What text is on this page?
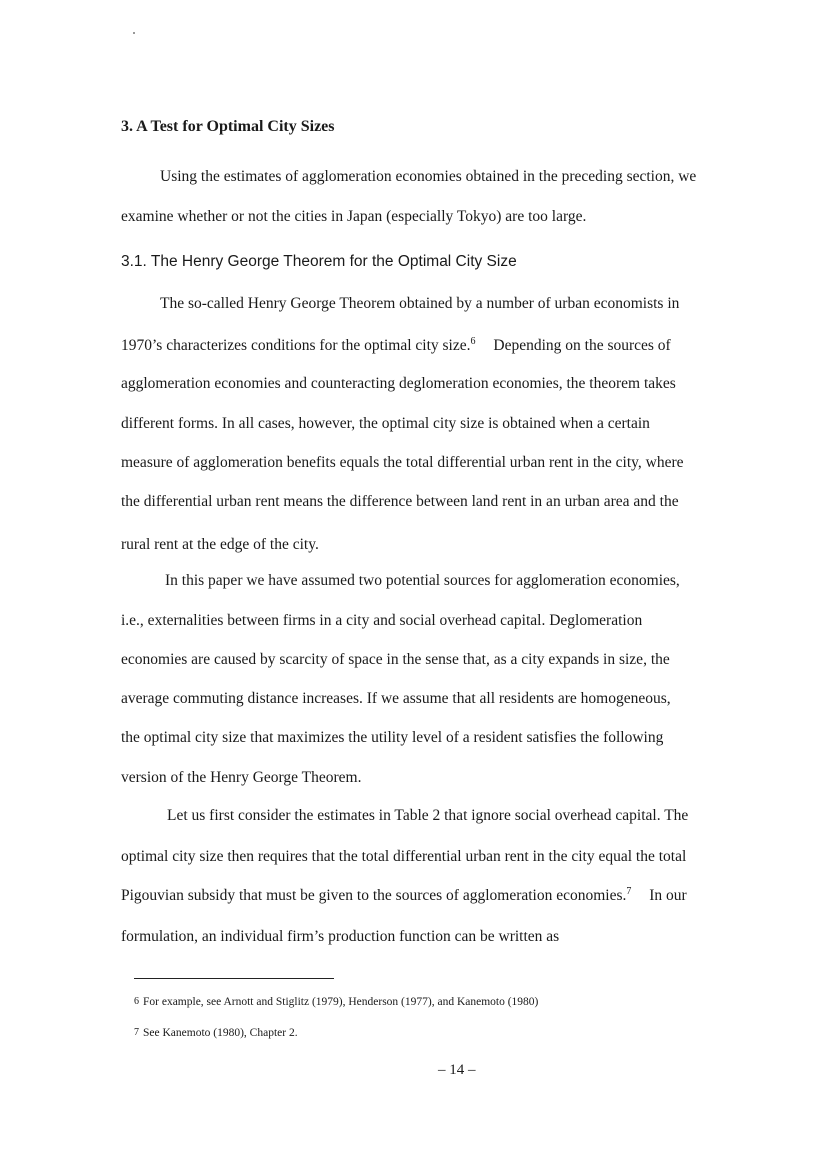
3. A Test for Optimal City Sizes
Using the estimates of agglomeration economies obtained in the preceding section, we
examine whether or not the cities in Japan (especially Tokyo) are too large.
3.1. The Henry George Theorem for the Optimal City Size
The so-called Henry George Theorem obtained by a number of urban economists in
1970’s characterizes conditions for the optimal city size.$^6$ Depending on the sources of
agglomeration economies and counteracting deglomeration economies, the theorem takes
different forms. In all cases, however, the optimal city size is obtained when a certain
measure of agglomeration benefits equals the total differential urban rent in the city, where
the differential urban rent means the difference between land rent in an urban area and the
rural rent at the edge of the city.
In this paper we have assumed two potential sources for agglomeration economies,
i.e., externalities between firms in a city and social overhead capital. Deglomeration
economies are caused by scarcity of space in the sense that, as a city expands in size, the
average commuting distance increases. If we assume that all residents are homogeneous,
the optimal city size that maximizes the utility level of a resident satisfies the following
version of the Henry George Theorem.
Let us first consider the estimates in Table 2 that ignore social overhead capital. The
optimal city size then requires that the total differential urban rent in the city equal the total
Pigouvian subsidy that must be given to the sources of agglomeration economies.$^7$ In our
formulation, an individual firm’s production function can be written as
6 For example, see Arnott and Stiglitz (1979), Henderson (1977), and Kanemoto (1980)
7 See Kanemoto (1980), Chapter 2.
– 14 –
